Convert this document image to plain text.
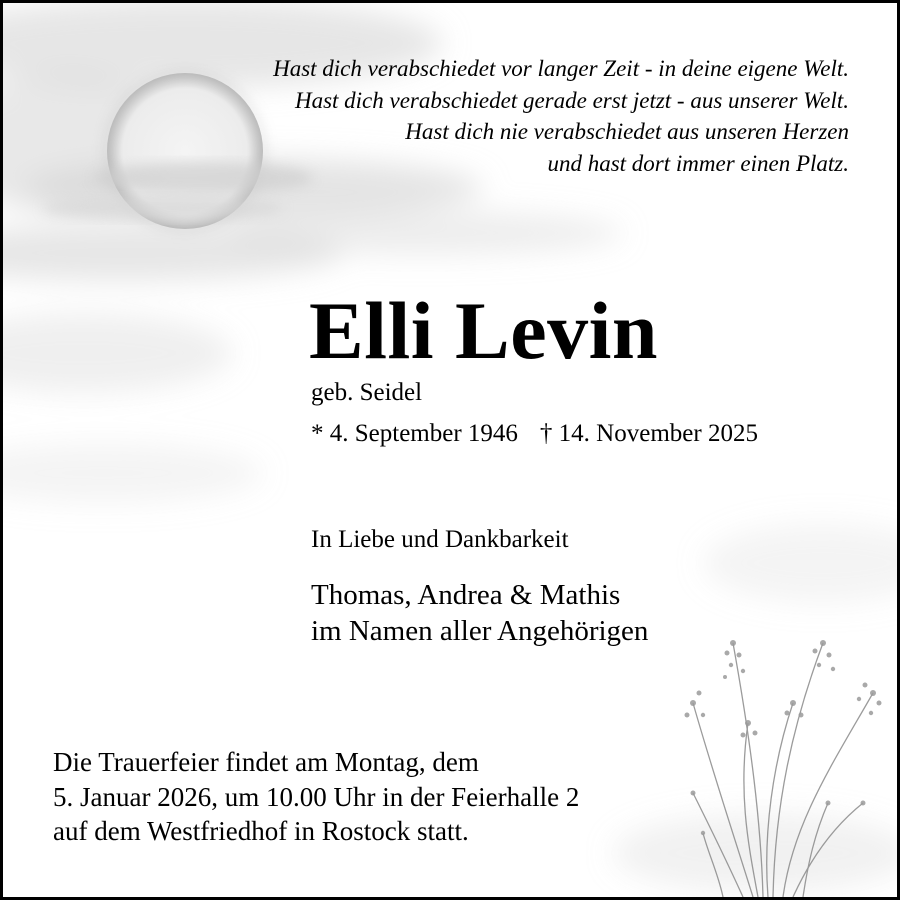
Hast dich verabschiedet vor langer Zeit - in deine eigene Welt.
Hast dich verabschiedet gerade erst jetzt - aus unserer Welt.
Hast dich nie verabschiedet aus unseren Herzen
und hast dort immer einen Platz.
Elli Levin
geb. Seidel
* 4. September 1946 † 14. November 2025
In Liebe und Dankbarkeit
Thomas, Andrea & Mathis
im Namen aller Angehörigen
Die Trauerfeier findet am Montag, dem
5. Januar 2026, um 10.00 Uhr in der Feierhalle 2
auf dem Westfriedhof in Rostock statt.
